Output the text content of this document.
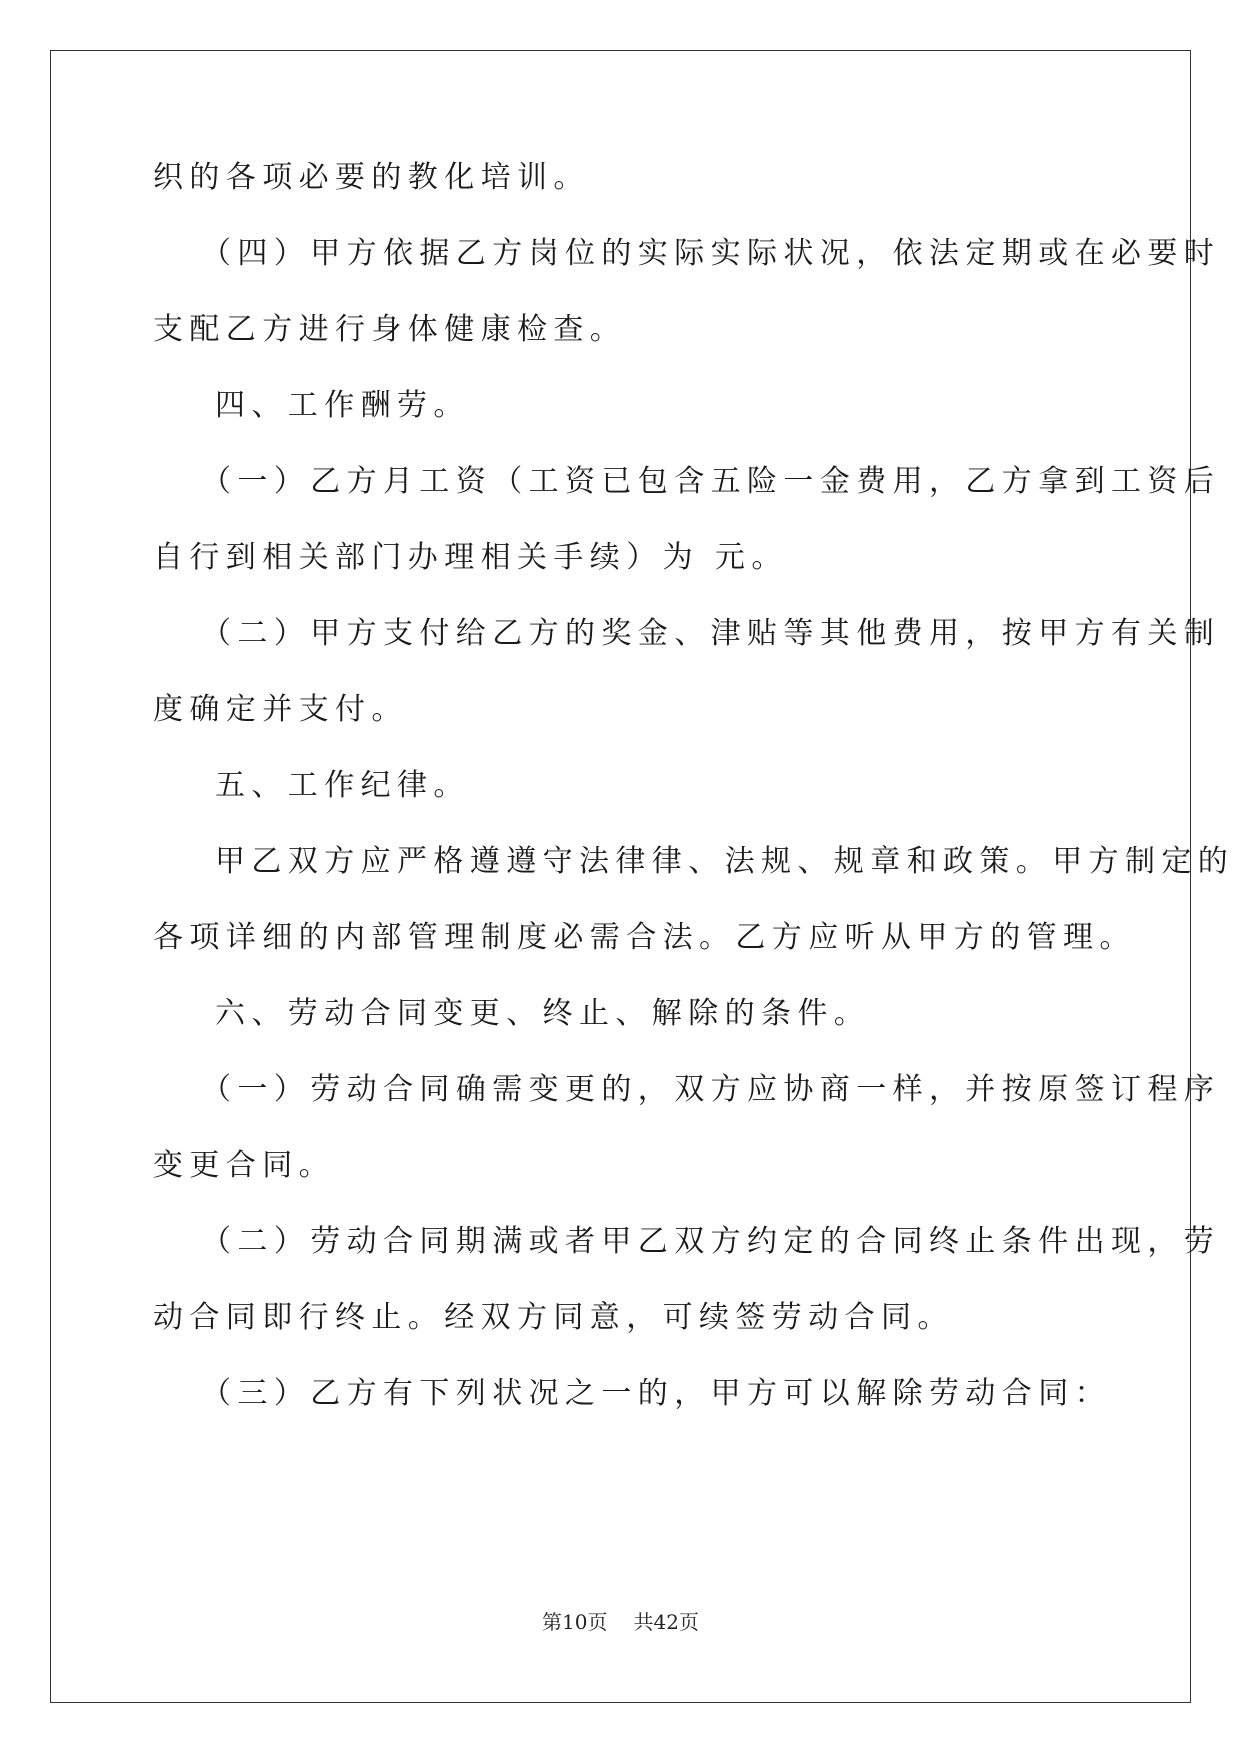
织的各项必要的教化培训。
（四）甲方依据乙方岗位的实际实际状况，依法定期或在必要时
支配乙方进行身体健康检查。
四、工作酬劳。
（一）乙方月工资（工资已包含五险一金费用，乙方拿到工资后
自行到相关部门办理相关手续）为 元。
（二）甲方支付给乙方的奖金、津贴等其他费用，按甲方有关制
度确定并支付。
五、工作纪律。
甲乙双方应严格遵遵守法律律、法规、规章和政策。甲方制定的
各项详细的内部管理制度必需合法。乙方应听从甲方的管理。
六、劳动合同变更、终止、解除的条件。
（一）劳动合同确需变更的，双方应协商一样，并按原签订程序
变更合同。
（二）劳动合同期满或者甲乙双方约定的合同终止条件出现，劳
动合同即行终止。经双方同意，可续签劳动合同。
（三）乙方有下列状况之一的，甲方可以解除劳动合同：
第10页 共42页
